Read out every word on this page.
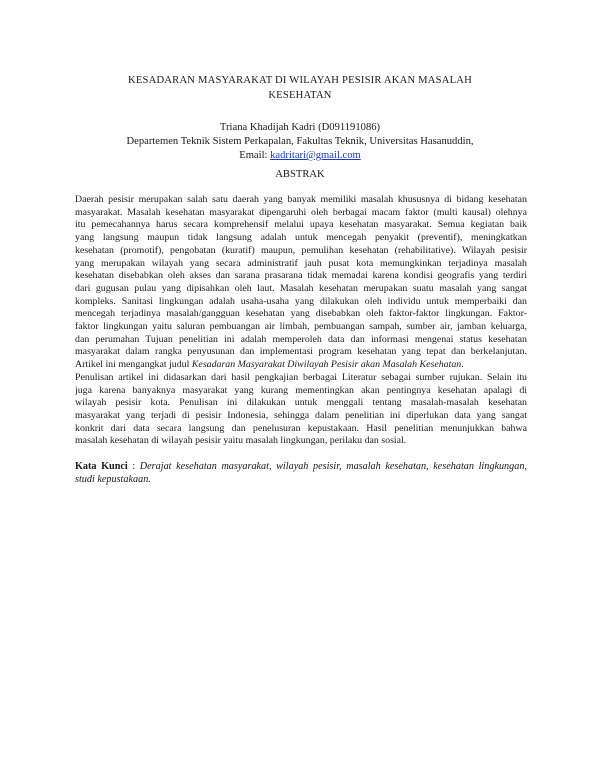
KESADARAN MASYARAKAT DI WILAYAH PESISIR AKAN MASALAH
KESEHATAN
Triana Khadijah Kadri (D091191086)
Departemen Teknik Sistem Perkapalan, Fakultas Teknik, Universitas Hasanuddin,
Email: kadritari@gmail.com
ABSTRAK
Daerah pesisir merupakan salah satu daerah yang banyak memiliki masalah khususnya di bidang kesehatan
masyarakat. Masalah kesehatan masyarakat dipengaruhi oleh berbagai macam faktor (multi kausal) olehnya
itu pemecahannya harus secara komprehensif melalui upaya kesehatan masyarakat. Semua kegiatan baik
yang langsung maupun tidak langsung adalah untuk mencegah penyakit (preventif), meningkatkan
kesehatan (promotif), pengobatan (kuratif) maupun, pemulihan kesehatan (rehabilitative). Wilayah pesisir
yang merupakan wilayah yang secara administratif jauh pusat kota memungkinkan terjadinya masalah
kesehatan disebabkan oleh akses dan sarana prasarana tidak memadai karena kondisi geografis yang terdiri
dari gugusan pulau yang dipisahkan oleh laut. Masalah kesehatan merupakan suatu masalah yang sangat
kompleks. Sanitasi lingkungan adalah usaha-usaha yang dilakukan oleh individu untuk memperbaiki dan
mencegah terjadinya masalah/gangguan kesehatan yang disebabkan oleh faktor-faktor lingkungan. Faktor-
faktor lingkungan yaitu saluran pembuangan air limbah, pembuangan sampah, sumber air, jamban keluarga,
dan perumahan Tujuan penelitian ini adalah memperoleh data dan informasi mengenai status kesehatan
masyarakat dalam rangka penyusunan dan implementasi program kesehatan yang tepat dan berkelanjutan.
Artikel ini mengangkat judul Kesadaran Masyarakat Diwilayah Pesisir akan Masalah Kesehatan.
Penulisan artikel ini didasarkan dari hasil pengkajian berbagai Literatur sebagai sumber rujukan. Selain itu
juga karena banyaknya masyarakat yang kurang mementingkan akan pentingnya kesehatan apalagi di
wilayah pesisir kota. Penulisan ini dilakukan untuk menggali tentang masalah-masalah kesehatan
masyarakat yang terjadi di pesisir Indonesia, sehingga dalam penelitian ini diperlukan data yang sangat
konkrit dari data secara langsung dan penelusuran kepustakaan. Hasil penelitian menunjukkan bahwa
masalah kesehatan di wilayah pesisir yaitu masalah lingkungan, perilaku dan sosial.
Kata Kunci : Derajat kesehatan masyarakat, wilayah pesisir, masalah kesehatan, kesehatan lingkungan,
studi kepustakaan.
